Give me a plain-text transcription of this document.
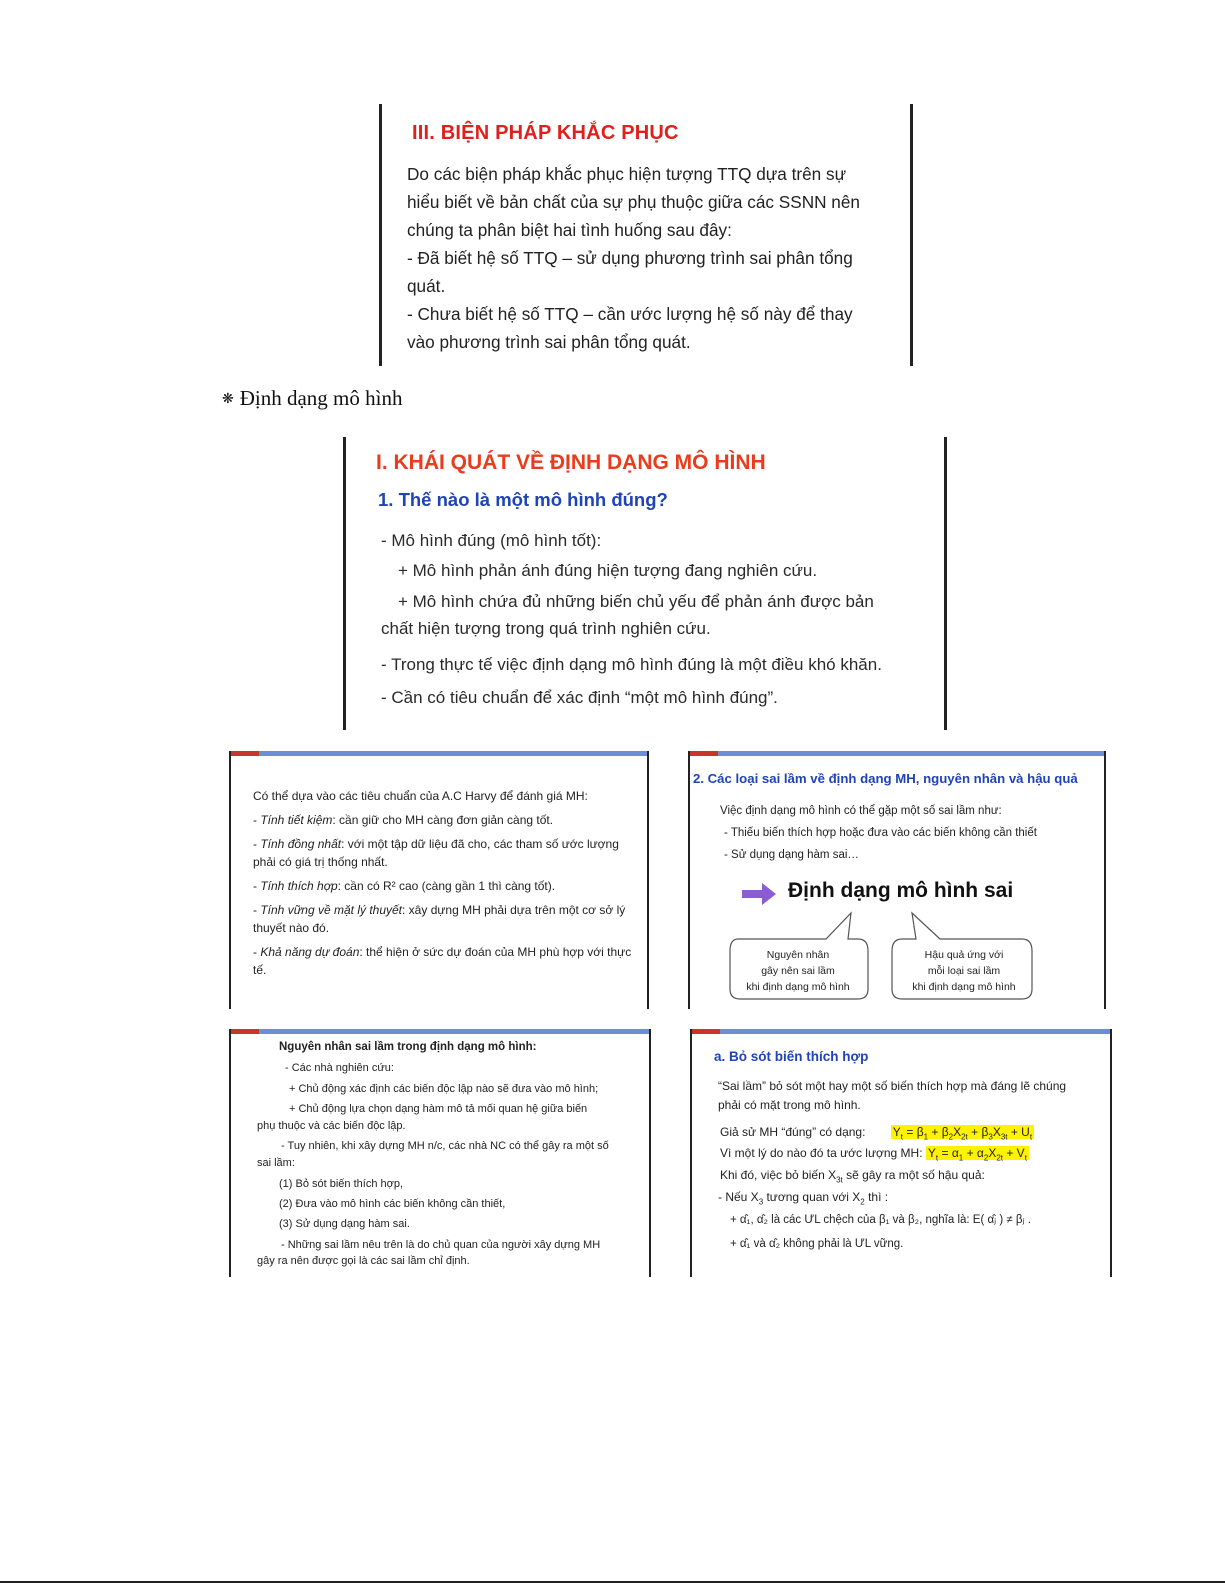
III. BIỆN PHÁP KHẮC PHỤC

Do các biện pháp khắc phục hiện tượng TTQ dựa trên sự

hiểu biết về bản chất của sự phụ thuộc giữa các SSNN nên

chúng ta phân biệt hai tình huống sau đây:

- Đã biết hệ số TTQ – sử dụng phương trình sai phân tổng

quát.

- Chưa biết hệ số TTQ – cần ước lượng hệ số này để thay

vào phương trình sai phân tổng quát.

❋ Định dạng mô hình
I. KHÁI QUÁT VỀ ĐỊNH DẠNG MÔ HÌNH
1. Thế nào là một mô hình đúng?
- Mô hình đúng (mô hình tốt):
+ Mô hình phản ánh đúng hiện tượng đang nghiên cứu.
+ Mô hình chứa đủ những biến chủ yếu để phản ánh được bản
chất hiện tượng trong quá trình nghiên cứu.
- Trong thực tế việc định dạng mô hình đúng là một điều khó khăn.
- Cần có tiêu chuẩn để xác định “một mô hình đúng”.

Có thể dựa vào các tiêu chuẩn của A.C Harvy để đánh giá MH:

- Tính tiết kiệm: cần giữ cho MH càng đơn giản càng tốt.

- Tính đồng nhất: với một tập dữ liệu đã cho, các tham số ước lượng phải có giá trị thống nhất.

- Tính thích hợp: cần có R² cao (càng gần 1 thì càng tốt).

- Tính vững về mặt lý thuyết: xây dựng MH phải dựa trên một cơ sở lý thuyết nào đó.

- Khả năng dự đoán: thể hiện ở sức dự đoán của MH phù hợp với thực tế.

2. Các loại sai lầm về định dạng MH, nguyên nhân và hậu quả
Việc định dạng mô hình có thể gặp một số sai lầm như:
- Thiếu biến thích hợp hoặc đưa vào các biến không cần thiết
- Sử dụng dạng hàm sai…
Định dạng mô hình sai
Nguyên nhân
gây nên sai lầm
khi định dạng mô hình
Hậu quả ứng với
mỗi loại sai lầm
khi định dạng mô hình
Nguyên nhân sai lầm trong định dạng mô hình:
- Các nhà nghiên cứu:
+ Chủ động xác định các biến độc lập nào sẽ đưa vào mô hình;
+ Chủ động lựa chọn dạng hàm mô tả mối quan hệ giữa biến
phụ thuộc và các biến độc lập.
- Tuy nhiên, khi xây dựng MH n/c, các nhà NC có thể gây ra một số
sai lầm:
(1) Bỏ sót biến thích hợp,
(2) Đưa vào mô hình các biến không cần thiết,
(3) Sử dụng dạng hàm sai.
- Những sai lầm nêu trên là do chủ quan của người xây dựng MH
gây ra nên được gọi là các sai lầm chỉ định.
a. Bỏ sót biến thích hợp
“Sai lầm” bỏ sót một hay một số biến thích hợp mà đáng lẽ chúng
phải có mặt trong mô hình.
Giả sử MH “đúng” có dạng: $Y_t = \beta_1 + \beta_2X_{2t} + \beta_3X_{3t} + U_t$
Vì một lý do nào đó ta ước lượng MH: $Y_t = \alpha_1 + \alpha_2X_{2t} + V_t$
Khi đó, việc bỏ biến $X_{3t}$ sẽ gây ra một số hậu quả:
- Nếu $X_3$ tương quan với $X_2$ thì :
+ α̂₁, α̂₂ là các ƯL chệch của β₁ và β₂, nghĩa là: E( α̂ⱼ ) ≠ βⱼ .
+ α̂₁ và α̂₂ không phải là ƯL vững.
